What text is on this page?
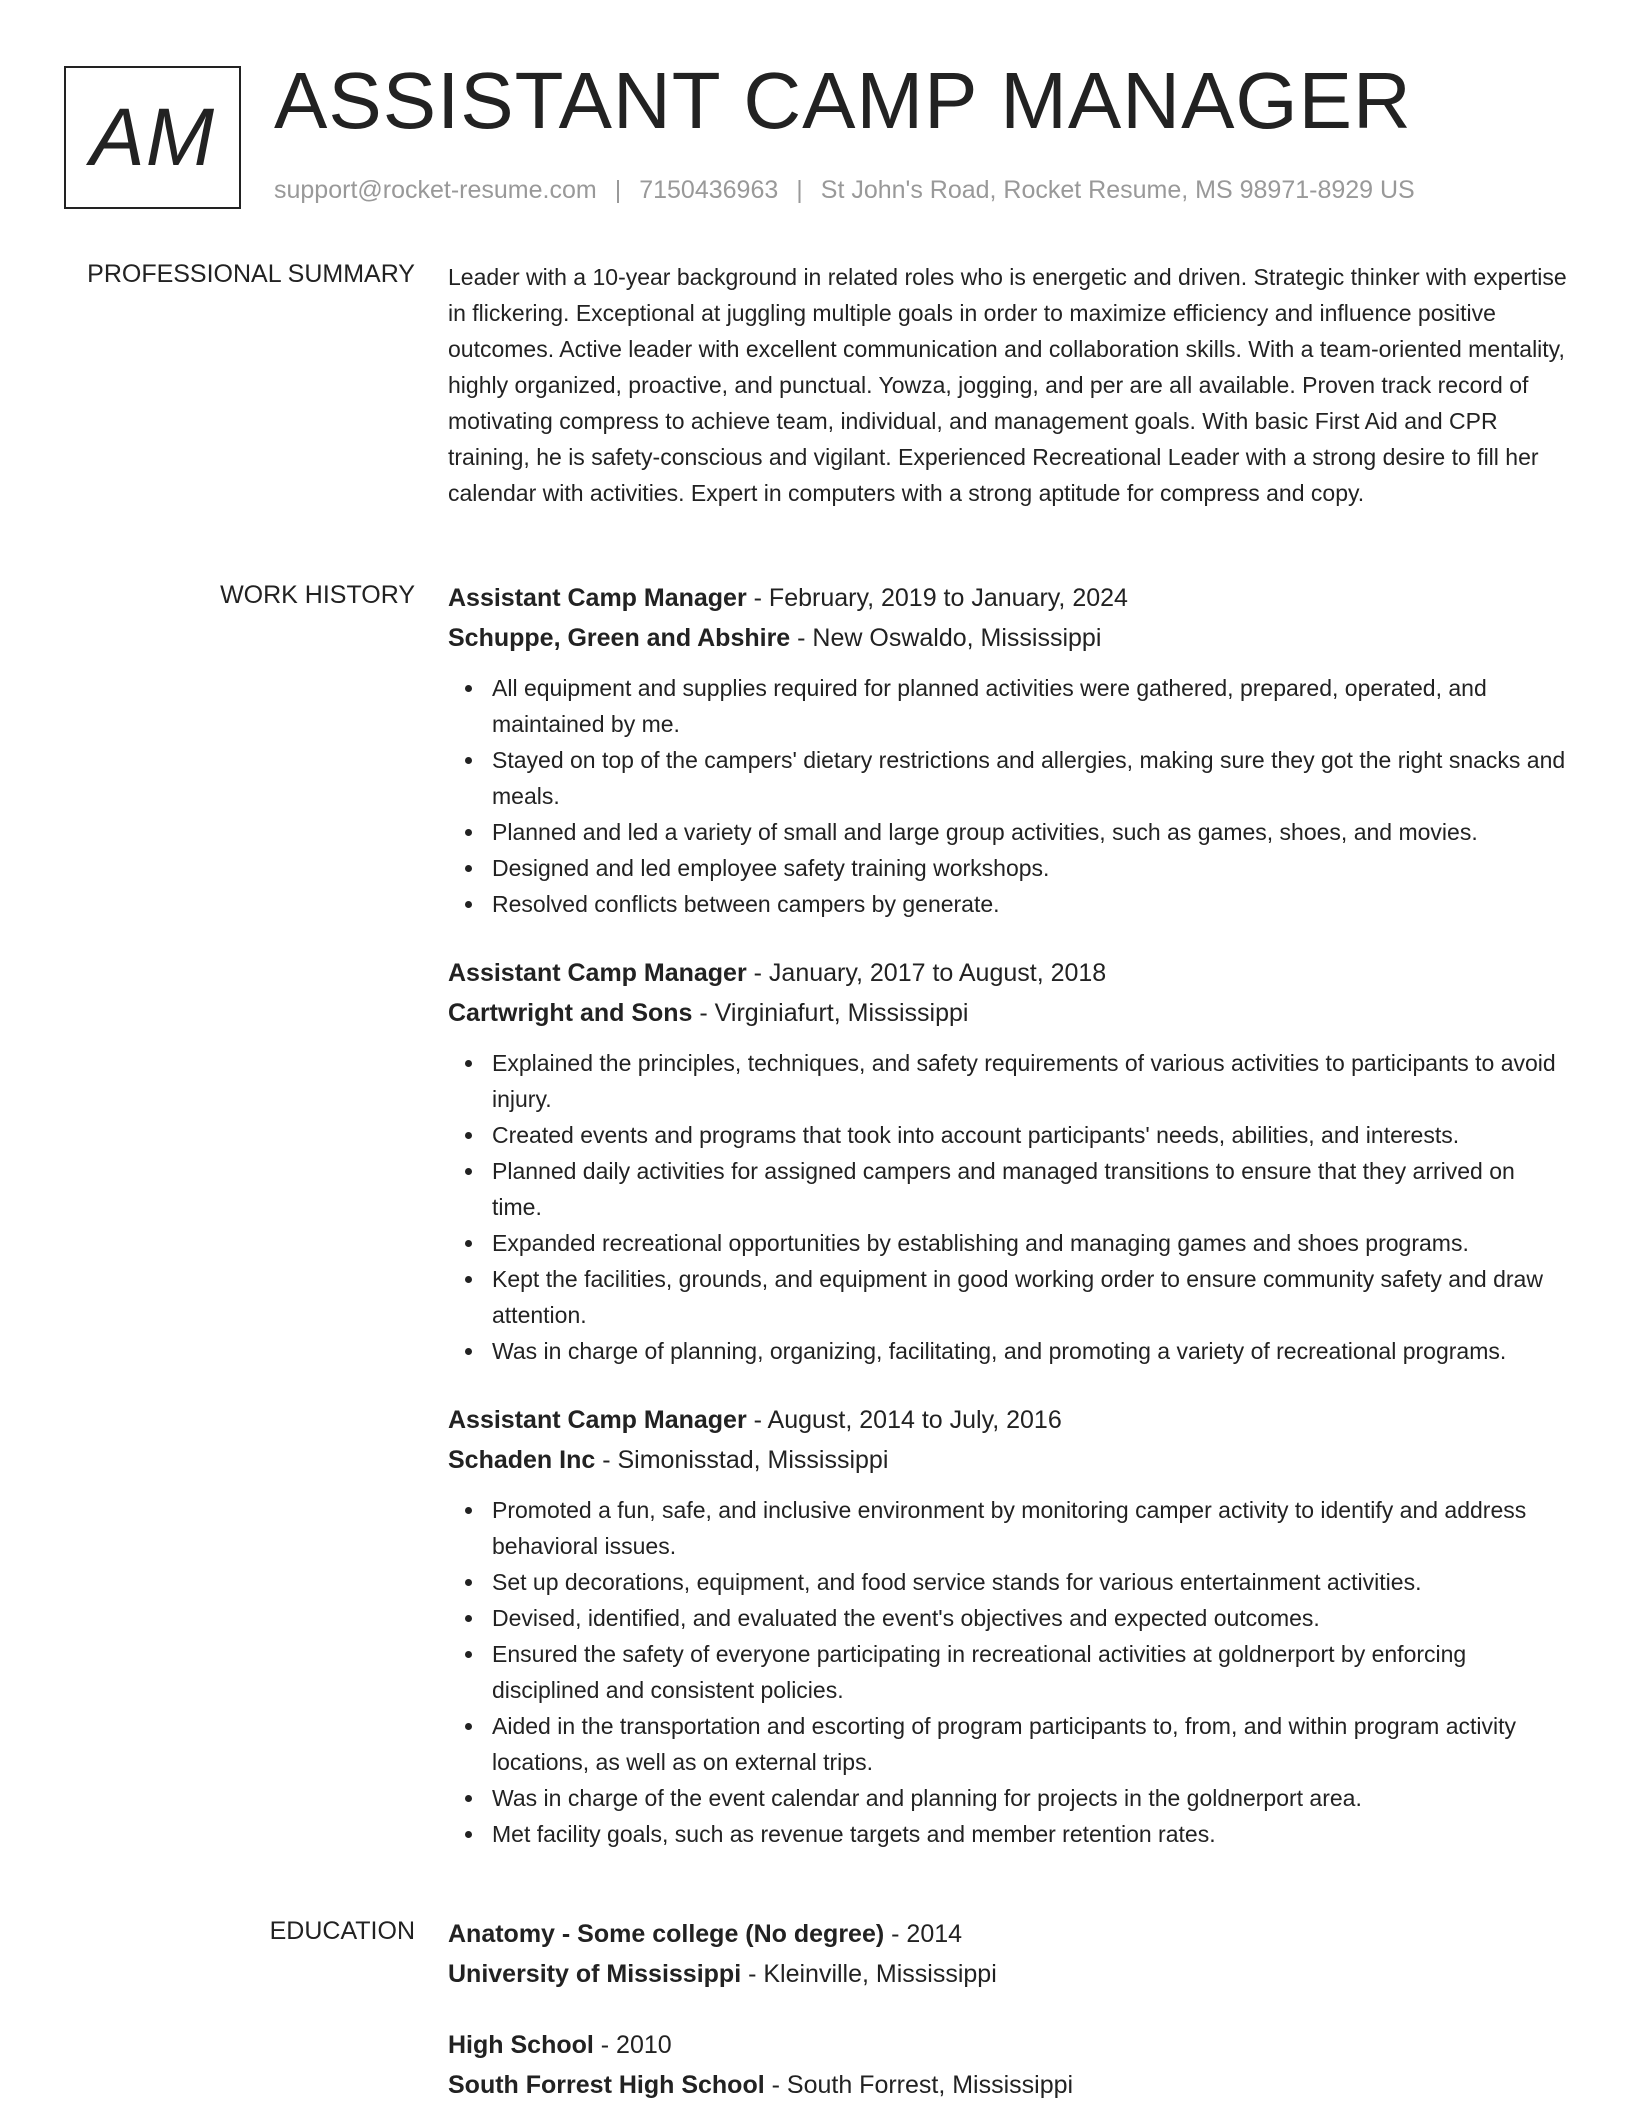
AM ASSISTANT CAMP MANAGER
support@rocket-resume.com | 7150436963 | St John's Road, Rocket Resume, MS 98971-8929 US
PROFESSIONAL SUMMARY Leader with a 10-year background in related roles who is energetic and driven. Strategic thinker with expertise in flickering. Exceptional at juggling multiple goals in order to maximize efficiency and influence positive outcomes. Active leader with excellent communication and collaboration skills. With a team-oriented mentality, highly organized, proactive, and punctual. Yowza, jogging, and per are all available. Proven track record of motivating compress to achieve team, individual, and management goals. With basic First Aid and CPR training, he is safety-conscious and vigilant. Experienced Recreational Leader with a strong desire to fill her calendar with activities. Expert in computers with a strong aptitude for compress and copy.
WORK HISTORY Assistant Camp Manager - February, 2019 to January, 2024
Schuppe, Green and Abshire - New Oswaldo, Mississippi
All equipment and supplies required for planned activities were gathered, prepared, operated, and maintained by me.
Stayed on top of the campers' dietary restrictions and allergies, making sure they got the right snacks and meals.
Planned and led a variety of small and large group activities, such as games, shoes, and movies.
Designed and led employee safety training workshops.
Resolved conflicts between campers by generate.
Assistant Camp Manager - January, 2017 to August, 2018
Cartwright and Sons - Virginiafurt, Mississippi
Explained the principles, techniques, and safety requirements of various activities to participants to avoid injury.
Created events and programs that took into account participants' needs, abilities, and interests.
Planned daily activities for assigned campers and managed transitions to ensure that they arrived on time.
Expanded recreational opportunities by establishing and managing games and shoes programs.
Kept the facilities, grounds, and equipment in good working order to ensure community safety and draw attention.
Was in charge of planning, organizing, facilitating, and promoting a variety of recreational programs.
Assistant Camp Manager - August, 2014 to July, 2016
Schaden Inc - Simonisstad, Mississippi
Promoted a fun, safe, and inclusive environment by monitoring camper activity to identify and address behavioral issues.
Set up decorations, equipment, and food service stands for various entertainment activities.
Devised, identified, and evaluated the event's objectives and expected outcomes.
Ensured the safety of everyone participating in recreational activities at goldnerport by enforcing disciplined and consistent policies.
Aided in the transportation and escorting of program participants to, from, and within program activity locations, as well as on external trips.
Was in charge of the event calendar and planning for projects in the goldnerport area.
Met facility goals, such as revenue targets and member retention rates.
EDUCATION Anatomy - Some college (No degree) - 2014
University of Mississippi - Kleinville, Mississippi
High School - 2010
South Forrest High School - South Forrest, Mississippi
